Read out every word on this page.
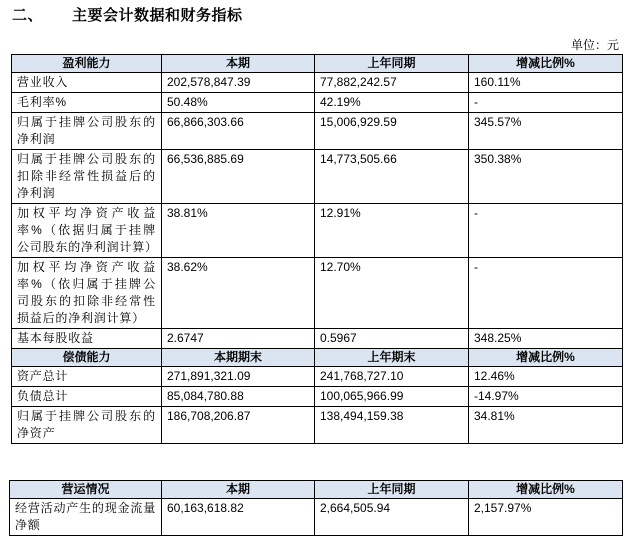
二、 主要会计数据和财务指标
单位：元
盈利能力	本期	上年同期	增减比例%
营业收入	202,578,847.39	77,882,242.57	160.11%
毛利率%	50.48%	42.19%	-
归属于挂牌公司股东的净利润	66,866,303.66	15,006,929.59	345.57%
归属于挂牌公司股东的扣除非经常性损益后的净利润	66,536,885.69	14,773,505.66	350.38%
加权平均净资产收益率%（依据归属于挂牌公司股东的净利润计算）	38.81%	12.91%	-
加权平均净资产收益率%（依归属于挂牌公司股东的扣除非经常性损益后的净利润计算）	38.62%	12.70%	-
基本每股收益	2.6747	0.5967	348.25%
偿债能力	本期期末	上年期末	增减比例%
资产总计	271,891,321.09	241,768,727.10	12.46%
负债总计	85,084,780.88	100,065,966.99	-14.97%
归属于挂牌公司股东的净资产	186,708,206.87	138,494,159.38	34.81%
营运情况	本期	上年同期	增减比例%
经营活动产生的现金流量净额	60,163,618.82	2,664,505.94	2,157.97%
